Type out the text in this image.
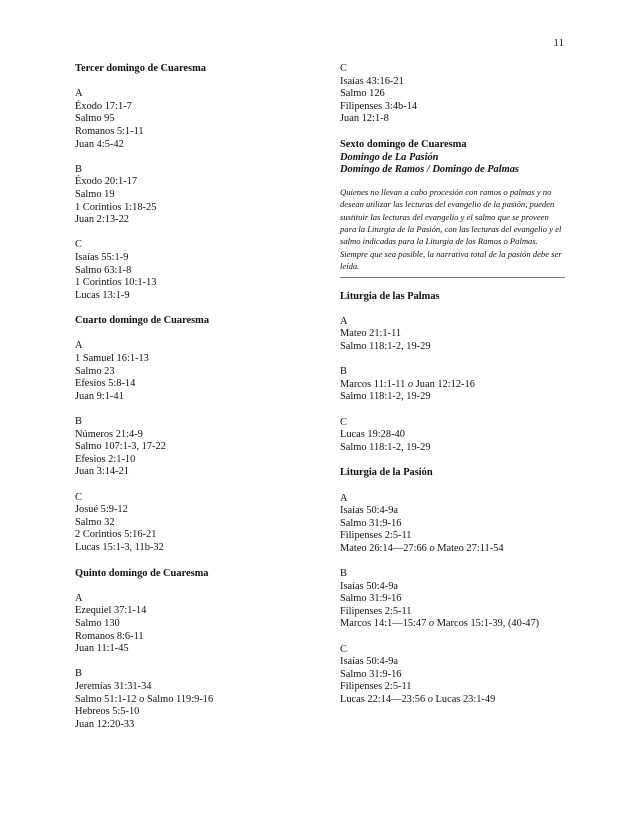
11
Tercer domingo de Cuaresma
A
Éxodo 17:1-7
Salmo 95
Romanos 5:1-11
Juan 4:5-42
B
Éxodo 20:1-17
Salmo 19
1 Corintios 1:18-25
Juan 2:13-22
C
Isaías 55:1-9
Salmo 63:1-8
1 Corintios 10:1-13
Lucas 13:1-9
Cuarto domingo de Cuaresma
A
1 Samuel 16:1-13
Salmo 23
Efesios 5:8-14
Juan 9:1-41
B
Números 21:4-9
Salmo 107:1-3, 17-22
Efesios 2:1-10
Juan 3:14-21
C
Josué 5:9-12
Salmo 32
2 Corintios 5:16-21
Lucas 15:1-3, 11b-32
Quinto domingo de Cuaresma
A
Ezequiel 37:1-14
Salmo 130
Romanos 8:6-11
Juan 11:1-45
B
Jeremías 31:31-34
Salmo 51:1-12 o Salmo 119:9-16
Hebreos 5:5-10
Juan 12:20-33
C
Isaías 43:16-21
Salmo 126
Filipenses 3:4b-14
Juan 12:1-8
Sexto domingo de Cuaresma
Domingo de La Pasión
Domingo de Ramos / Domingo de Palmas
Quienes no llevan a cabo procesión con ramos o palmas y no desean utilizar las lecturas del evangelio de la pasión, pueden sustituir las lecturas del evangelio y el salmo que se proveen para la Liturgia de la Pasión, con las lecturas del evangelio y el salmo indicadas para la Liturgia de los Ramos o Palmas. Siempre que sea posible, la narrativa total de la pasión debe ser leída.
Liturgia de las Palmas
A
Mateo 21:1-11
Salmo 118:1-2, 19-29
B
Marcos 11:1-11 o Juan 12:12-16
Salmo 118:1-2, 19-29
C
Lucas 19:28-40
Salmo 118:1-2, 19-29
Liturgia de la Pasión
A
Isaías 50:4-9a
Salmo 31:9-16
Filipenses 2:5-11
Mateo 26:14—27:66 o Mateo 27:11-54
B
Isaías 50:4-9a
Salmo 31:9-16
Filipenses 2:5-11
Marcos 14:1—15:47 o Marcos 15:1-39, (40-47)
C
Isaías 50:4-9a
Salmo 31:9-16
Filipenses 2:5-11
Lucas 22:14—23:56 o Lucas 23:1-49
